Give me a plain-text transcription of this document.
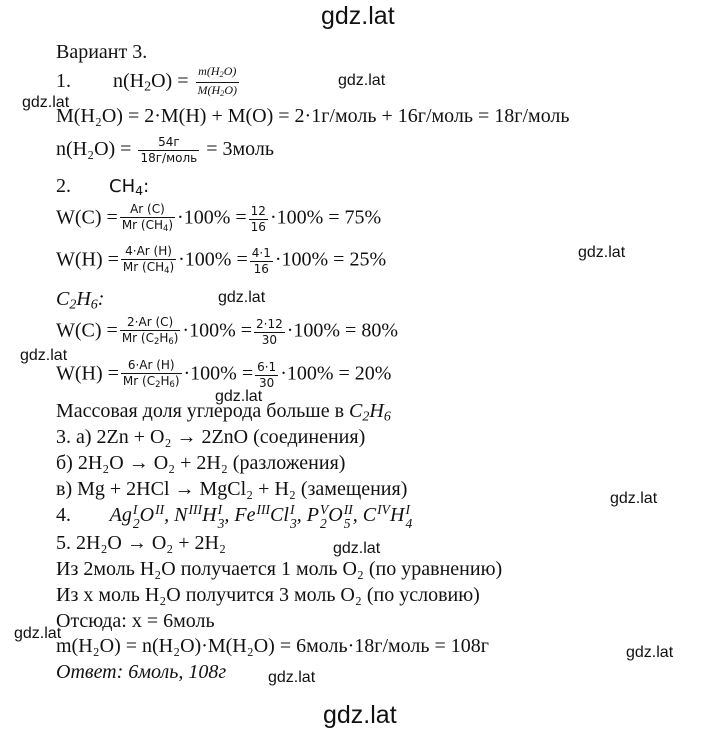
gdz.lat
gdz.lat
gdz.lat
gdz.lat
gdz.lat
gdz.lat
gdz.lat
gdz.lat
gdz.lat
gdz.lat
gdz.lat
gdz.lat
gdz.lat
Вариант 3.
1. $n(H_2O) = \frac{m(H_2O)}{M(H_2O)}$
M(H₂O) = 2·M(H) + M(O) = 2·1г/моль + 16г/моль = 18г/моль
$n(H_2O) = \frac{54г}{\text{18г/моль}}$ = 3моль
2. $CH_4$:
$W(C) = \frac{Ar (C)}{Mr (CH_4)} \cdot 100\% = \frac{12}{16} \cdot 100\% = 75\%$
$W(H) = \frac{4\cdot Ar (H)}{Mr (CH_4)} \cdot 100\% = \frac{4\cdot 1}{16} \cdot 100\% = 25\%$
$C_2H_6$:
$W(C) = \frac{2\cdot Ar (C)}{Mr (C_2H_6)} \cdot 100\% = \frac{2\cdot 12}{30} \cdot 100\% = 80\%$
$W(H) = \frac{6\cdot Ar (H)}{Mr (C_2H_6)} \cdot 100\% = \frac{6\cdot 1}{30} \cdot 100\% = 20\%$
Массовая доля углерода больше в $C_2H_6$
3. а) 2Zn + O₂ → 2ZnO (соединения)
б) 2H₂O → O₂ + 2H₂ (разложения)
в) Mg + 2HCl → MgCl₂ + H₂ (замещения)
4. Ag I
2 O II , N III H I
3 , Fe III Cl I
3 , P V
2 O II
5 , C IV H I
4
5. 2H₂O → O₂ + 2H₂
Из 2моль H₂O получается 1 моль O₂ (по уравнению)
Из x моль H₂O получится 3 моль O₂ (по условию)
Отсюда: x = 6моль
m(H₂O) = n(H₂O)·M(H₂O) = 6моль·18г/моль = 108г
Ответ: 6моль, 108г
